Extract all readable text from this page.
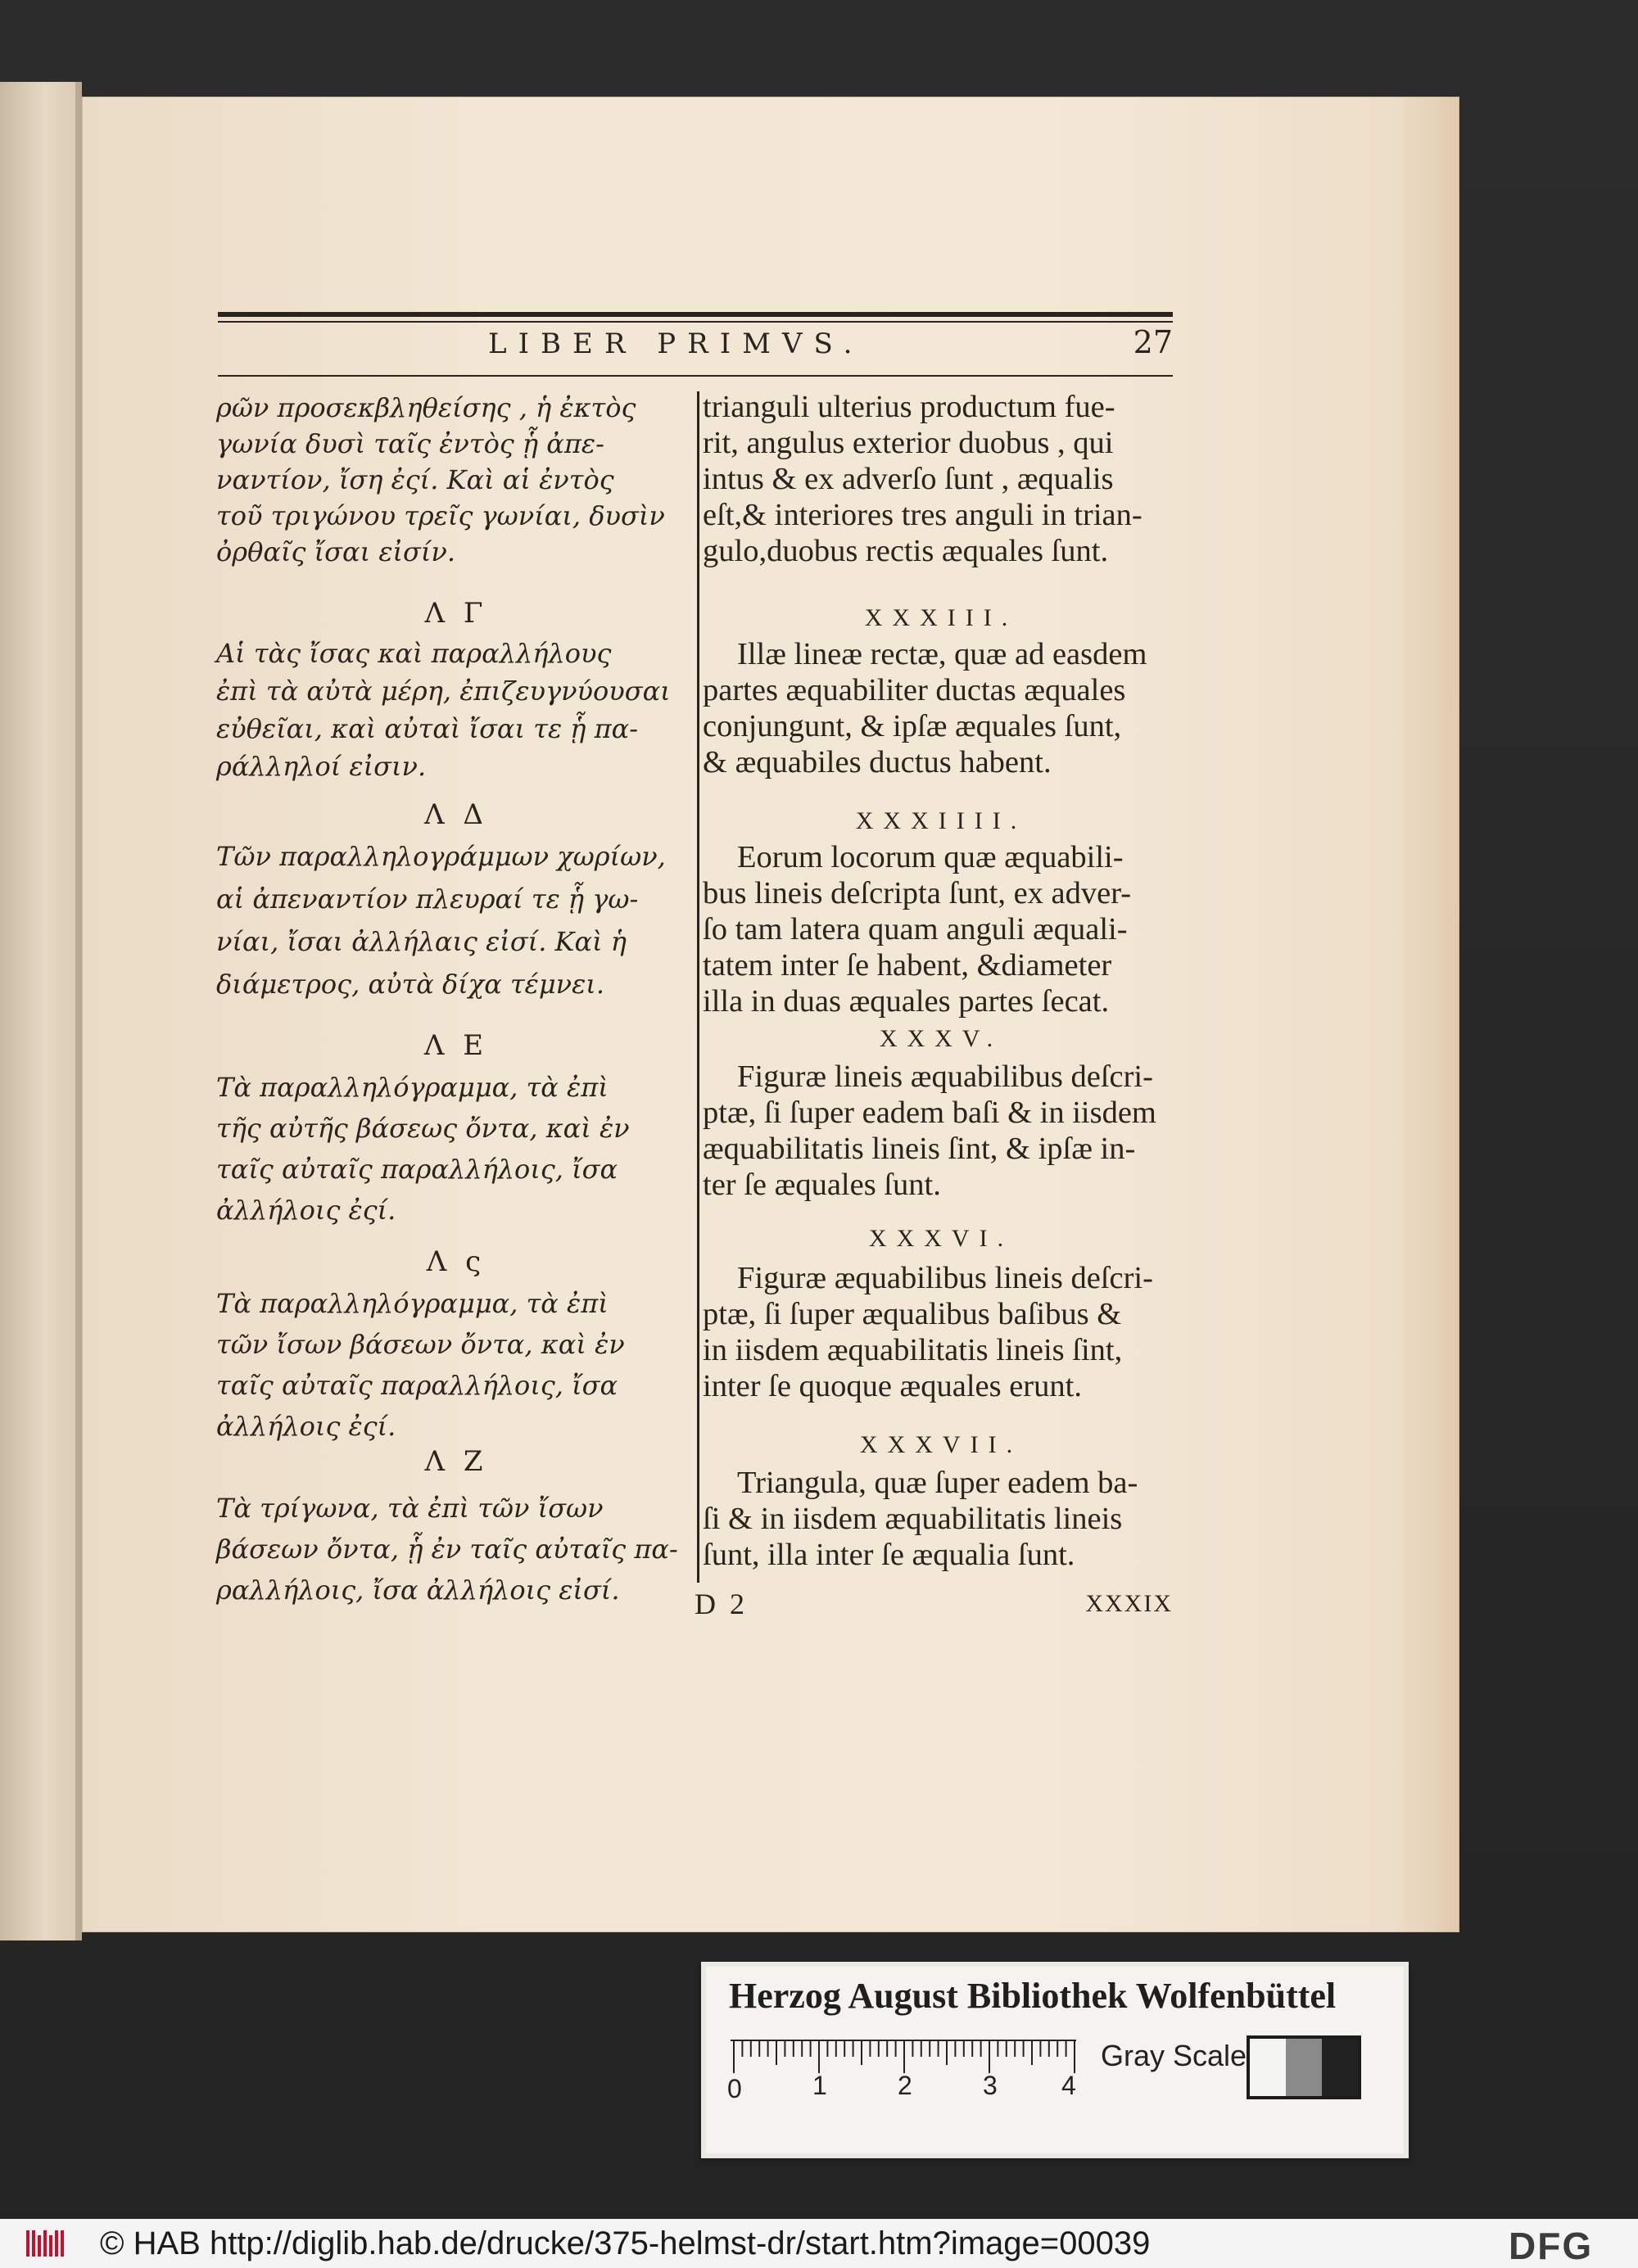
LIBER PRIMVS.	27
ρῶν προσεκβληθείσης , ἡ ἐκτὸς
γωνία δυσὶ ταῖς ἐντὸς ᾗ ἀπε-
ναντίον, ἴση ἐςί. Καὶ αἱ ἐντὸς
τοῦ τριγώνου τρεῖς γωνίαι, δυσὶν
ὀρθαῖς ἴσαι εἰσίν.
Λ Γ
Αἱ τὰς ἴσας καὶ παραλλήλους
ἐπὶ τὰ αὐτὰ μέρη, ἐπιζευγνύουσαι
εὐθεῖαι, καὶ αὐταὶ ἴσαι τε ᾗ πα-
ράλληλοί εἰσιν.
Λ Δ
Τῶν παραλληλογράμμων χωρίων,
αἱ ἀπεναντίον πλευραί τε ᾗ γω-
νίαι, ἴσαι ἀλλήλαις εἰσί. Καὶ ἡ
διάμετρος, αὐτὰ δίχα τέμνει.
Λ Ε
Τὰ παραλληλόγραμμα, τὰ ἐπὶ
τῆς αὐτῆς βάσεως ὄντα, καὶ ἐν
ταῖς αὐταῖς παραλλήλοις, ἴσα
ἀλλήλοις ἐςί.
Λ ς
Τὰ παραλληλόγραμμα, τὰ ἐπὶ
τῶν ἴσων βάσεων ὄντα, καὶ ἐν
ταῖς αὐταῖς παραλλήλοις, ἴσα
ἀλλήλοις ἐςί.
Λ Ζ
Τὰ τρίγωνα, τὰ ἐπὶ τῶν ἴσων
βάσεων ὄντα, ᾗ ἐν ταῖς αὐταῖς πα-
ραλλήλοις, ἴσα ἀλλήλοις εἰσί.
trianguli ulterius productum fue-
rit, angulus exterior duobus , qui
intus & ex adverſo ſunt , æqualis
eſt,& interiores tres anguli in trian-
gulo,duobus rectis æquales ſunt.
XXXIII.
Illæ lineæ rectæ, quæ ad easdem
partes æquabiliter ductas æquales
conjungunt, & ipſæ æquales ſunt,
& æquabiles ductus habent.
XXXIIII.
Eorum locorum quæ æquabili-
bus lineis deſcripta ſunt, ex adver-
ſo tam latera quam anguli æquali-
tatem inter ſe habent, &diameter
illa in duas æquales partes ſecat.
XXXV.
Figuræ lineis æquabilibus deſcri-
ptæ, ſi ſuper eadem baſi & in iisdem
æquabilitatis lineis ſint, & ipſæ in-
ter ſe æquales ſunt.
XXXVI.
Figuræ æquabilibus lineis deſcri-
ptæ, ſi ſuper æqualibus baſibus &
in iisdem æquabilitatis lineis ſint,
inter ſe quoque æquales erunt.
XXXVII.
Triangula, quæ ſuper eadem ba-
ſi & in iisdem æquabilitatis lineis
ſunt, illa inter ſe æqualia ſunt.
D 2	XXXIX
Herzog August Bibliothek Wolfenbüttel
0	1	2	3 4
Gray Scale
© HAB http://diglib.hab.de/drucke/375-helmst-dr/start.htm?image=00039	DFG
